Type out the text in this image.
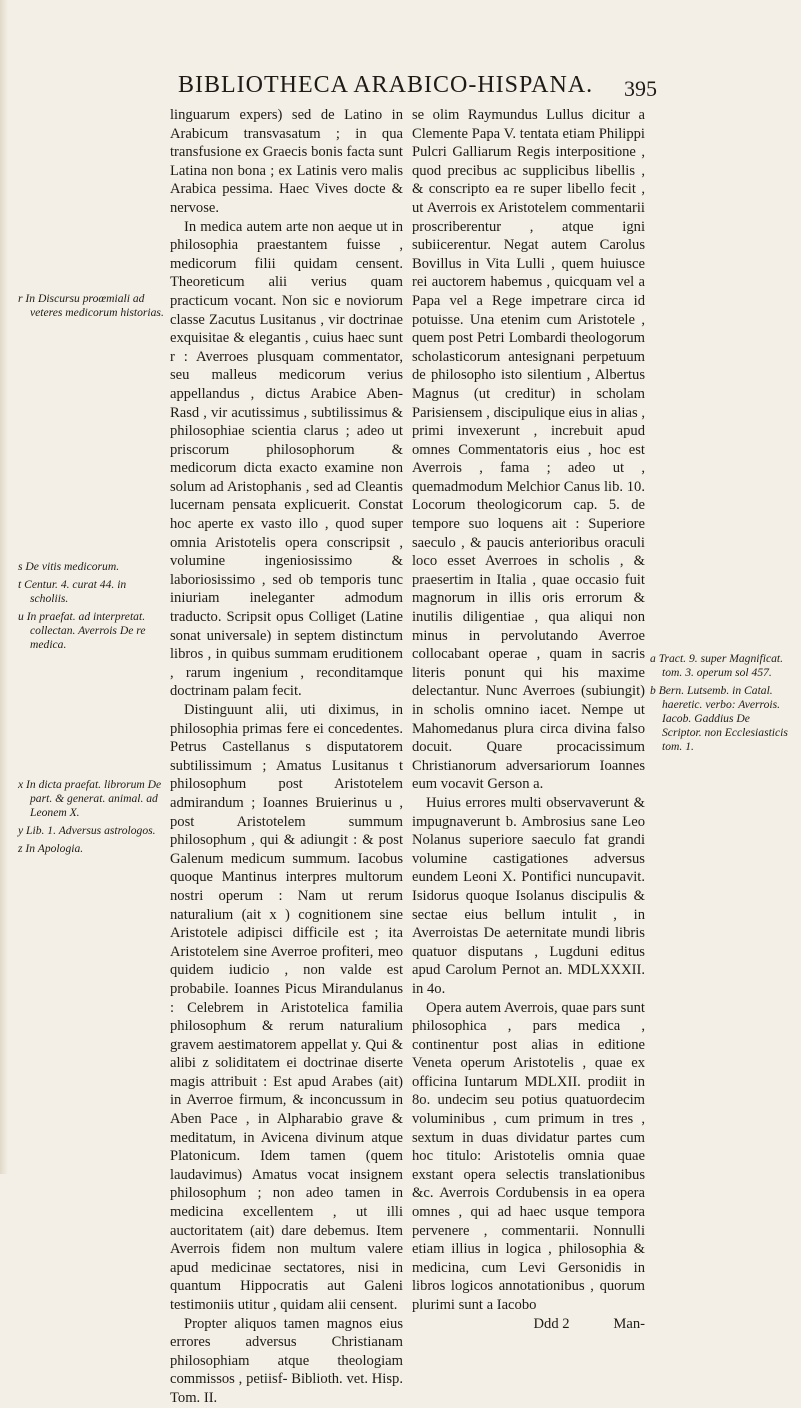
BIBLIOTHECA ARABICO-HISPANA. 395

r In Discursu proœmiali ad veteres medicorum historias.

s De vitis medicorum.

t Centur. 4. curat 44. in scholiis.

u In praefat. ad interpretat. collectan. Averrois De re medica.

x In dicta praefat. librorum De part. & generat. animal. ad Leonem X.

y Lib. 1. Adversus astrologos.

z In Apologia.

linguarum expers) sed de Latino in Arabicum transvasatum ; in qua transfusione ex Graecis bonis facta sunt Latina non bona ; ex Latinis vero malis Arabica pessima. Haec Vives docte & nervose.

In medica autem arte non aeque ut in philosophia praestantem fuisse , medicorum filii quidam censent. Theoreticum alii verius quam practicum vocant. Non sic e noviorum classe Zacutus Lusitanus , vir doctrinae exquisitae & elegantis , cuius haec sunt r : Averroes plusquam commentator, seu malleus medicorum verius appellandus , dictus Arabice Aben-Rasd , vir acutissimus , subtilissimus & philosophiae scientia clarus ; adeo ut priscorum philosophorum & medicorum dicta exacto examine non solum ad Aristophanis , sed ad Cleantis lucernam pensata explicuerit. Constat hoc aperte ex vasto illo , quod super omnia Aristotelis opera conscripsit , volumine ingeniosissimo & laboriosissimo , sed ob temporis tunc iniuriam ineleganter admodum traducto. Scripsit opus Colliget (Latine sonat universale) in septem distinctum libros , in quibus summam eruditionem , rarum ingenium , reconditamque doctrinam palam fecit.

Distinguunt alii, uti diximus, in philosophia primas fere ei concedentes. Petrus Castellanus s disputatorem subtilissimum ; Amatus Lusitanus t philosophum post Aristotelem admirandum ; Ioannes Bruierinus u , post Aristotelem summum philosophum , qui & adiungit : & post Galenum medicum summum. Iacobus quoque Mantinus interpres multorum nostri operum : Nam ut rerum naturalium (ait x ) cognitionem sine Aristotele adipisci difficile est ; ita Aristotelem sine Averroe profiteri, meo quidem iudicio , non valde est probabile. Ioannes Picus Mirandulanus : Celebrem in Aristotelica familia philosophum & rerum naturalium gravem aestimatorem appellat y. Qui & alibi z soliditatem ei doctrinae diserte magis attribuit : Est apud Arabes (ait) in Averroe firmum, & inconcussum in Aben Pace , in Alpharabio grave & meditatum, in Avicena divinum atque Platonicum. Idem tamen (quem laudavimus) Amatus vocat insignem philosophum ; non adeo tamen in medicina excellentem , ut illi auctoritatem (ait) dare debemus. Item Averrois fidem non multum valere apud medicinae sectatores, nisi in quantum Hippocratis aut Galeni testimoniis utitur , quidam alii censent.

Propter aliquos tamen magnos eius errores adversus Christianam philosophiam atque theologiam commissos , petiisf- Biblioth. vet. Hisp. Tom. II.

se olim Raymundus Lullus dicitur a Clemente Papa V. tentata etiam Philippi Pulcri Galliarum Regis interpositione , quod precibus ac supplicibus libellis , & conscripto ea re super libello fecit , ut Averrois ex Aristotelem commentarii proscriberentur , atque igni subiicerentur. Negat autem Carolus Bovillus in Vita Lulli , quem huiusce rei auctorem habemus , quicquam vel a Papa vel a Rege impetrare circa id potuisse. Una etenim cum Aristotele , quem post Petri Lombardi theologorum scholasticorum antesignani perpetuum de philosopho isto silentium , Albertus Magnus (ut creditur) in scholam Parisiensem , discipulique eius in alias , primi invexerunt , increbuit apud omnes Commentatoris eius , hoc est Averrois , fama ; adeo ut , quemadmodum Melchior Canus lib. 10. Locorum theologicorum cap. 5. de tempore suo loquens ait : Superiore saeculo , & paucis anterioribus oraculi loco esset Averroes in scholis , & praesertim in Italia , quae occasio fuit magnorum in illis oris errorum & inutilis diligentiae , qua aliqui non minus in pervolutando Averroe collocabant operae , quam in sacris literis ponunt qui his maxime delectantur. Nunc Averroes (subiungit) in scholis omnino iacet. Nempe ut Mahomedanus plura circa divina falso docuit. Quare procacissimum Christianorum adversariorum Ioannes eum vocavit Gerson a.

Huius errores multi observaverunt & impugnaverunt b. Ambrosius sane Leo Nolanus superiore saeculo fat grandi volumine castigationes adversus eundem Leoni X. Pontifici nuncupavit. Isidorus quoque Isolanus discipulis & sectae eius bellum intulit , in Averroistas De aeternitate mundi libris quatuor disputans , Lugduni editus apud Carolum Pernot an. MDLXXXII. in 4o.

Opera autem Averrois, quae pars sunt philosophica , pars medica , continentur post alias in editione Veneta operum Aristotelis , quae ex officina Iuntarum MDLXII. prodiit in 8o. undecim seu potius quatuordecim voluminibus , cum primum in tres , sextum in duas dividatur partes cum hoc titulo: Aristotelis omnia quae exstant opera selectis translationibus &c. Averrois Cordubensis in ea opera omnes , qui ad haec usque tempora pervenere , commentarii. Nonnulli etiam illius in logica , philosophia & medicina, cum Levi Gersonidis in libros logicos annotationibus , quorum plurimi sunt a Iacobo

Ddd 2	Man-

a Tract. 9. super Magnificat. tom. 3. operum sol 457.

b Bern. Lutsemb. in Catal. haeretic. verbo: Averrois. Iacob. Gaddius De Scriptor. non Ecclesiasticis tom. 1.
